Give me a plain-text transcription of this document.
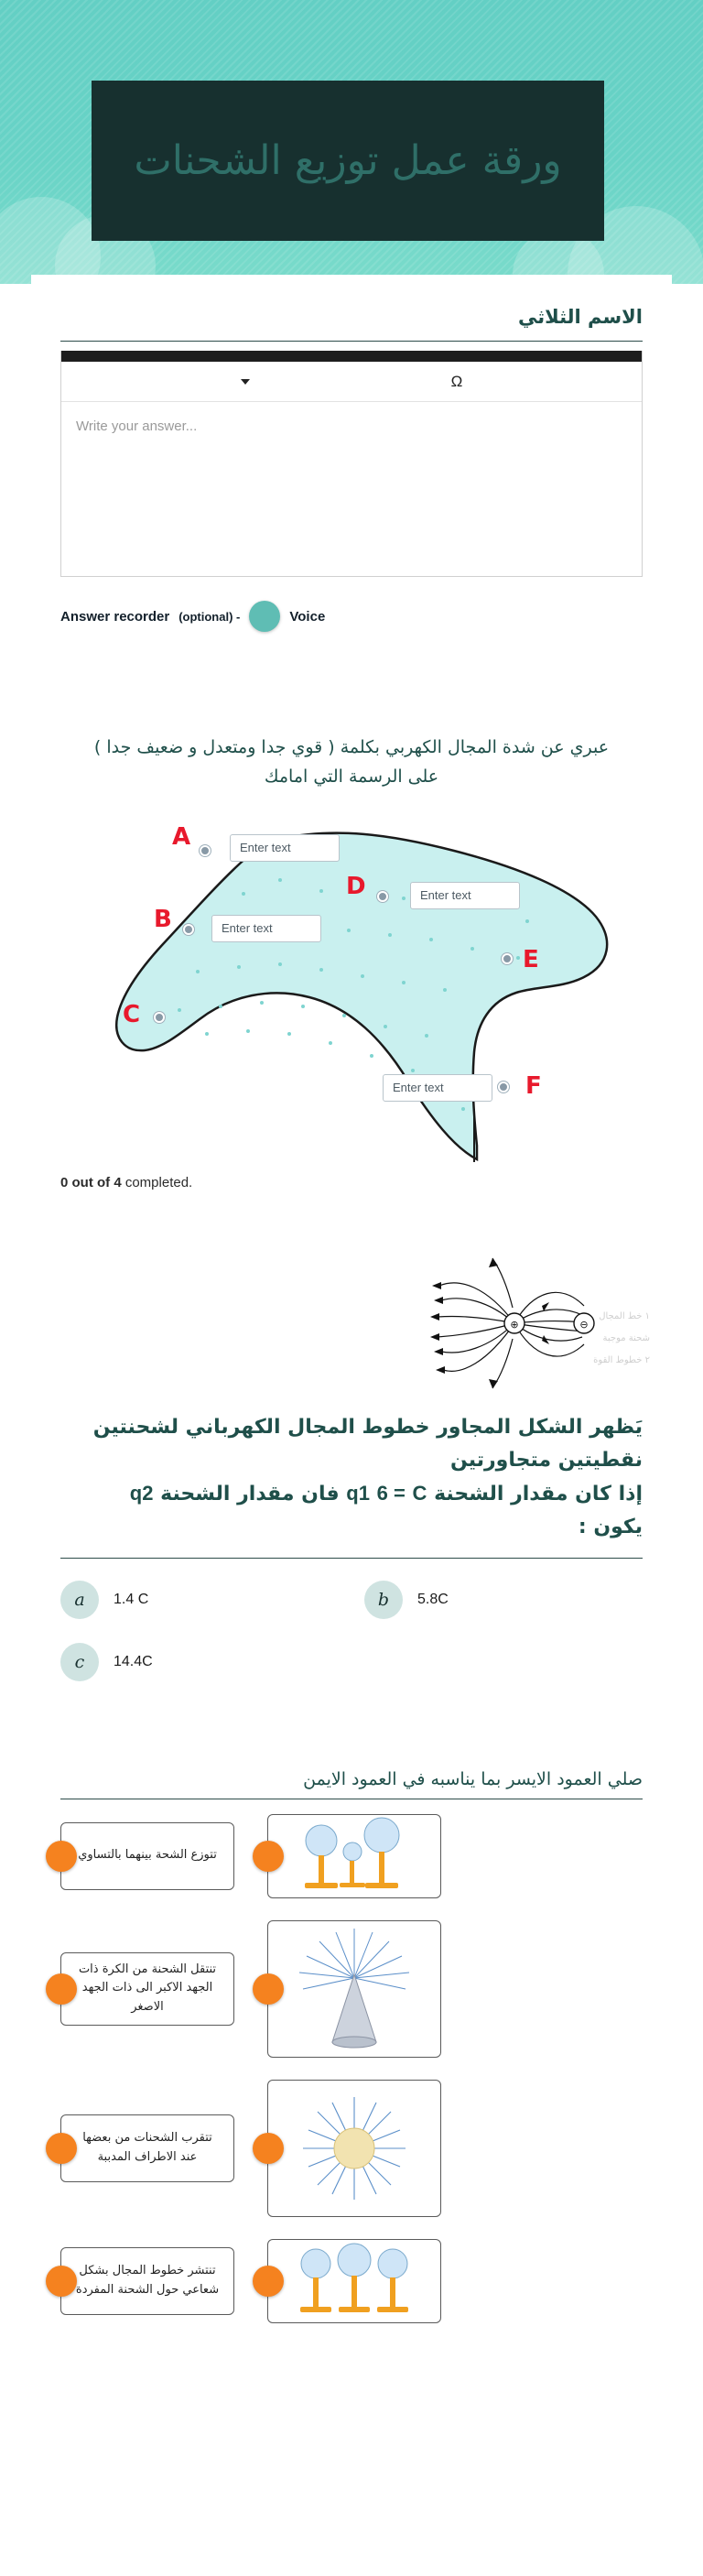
ورقة عمل توزيع الشحنات
الاسم الثلاثي
Ω
Write your answer...
Answer recorder (optional) -	Voice
عبري عن شدة المجال الكهربي بكلمة ( قوي جدا ومتعدل و ضعيف جدا )
على الرسمة التي امامك
A	Enter text
B	Enter text
C
D	Enter text
E
F
Enter text
0 out of 4 completed.
⊕	⊖
١ خط المجال
شحنة موجبة
٢ خطوط القوة
يَظهر الشكل المجاور خطوط المجال الكهرباني لشحنتين نقطيتين متجاورتين
إذا كان مقدار الشحنة q1 6 = C فان مقدار الشحنة q2
يكون :
a	1.4 C	b	5.8C
c	14.4C
صلي العمود الايسر بما يناسبه في العمود الايمن
تتوزع الشحة بينهما بالتساوي
تنتقل الشحنة من الكرة ذات الجهد الاكبر الى ذات الجهد الاصغر
تتقرب الشحنات من بعضها عند الاطراف المدببة
تنتشر خطوط المجال بشكل شعاعي حول الشحنة المفردة
